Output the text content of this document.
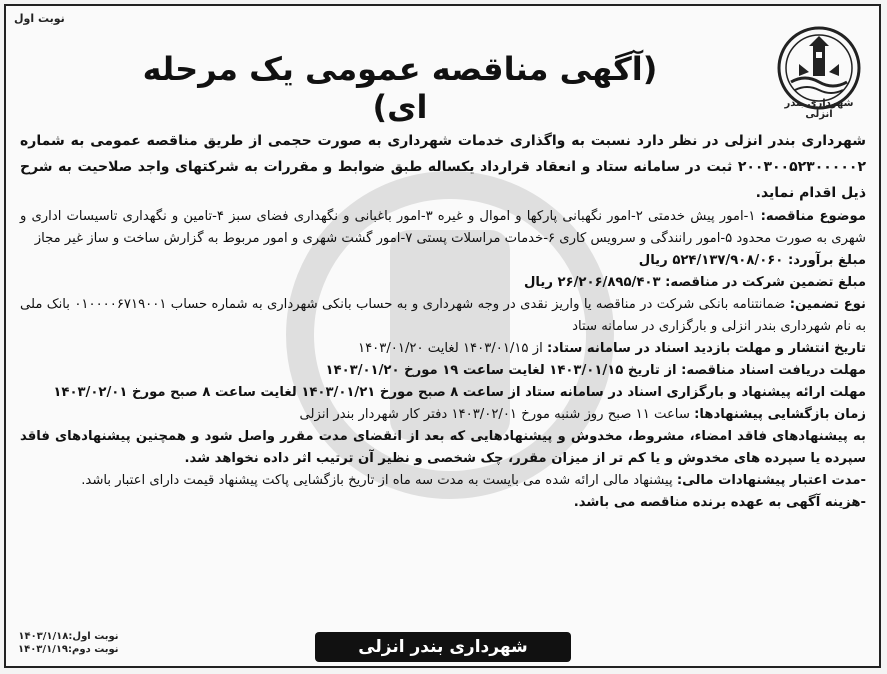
نوبت اول
شهرداری بندر انزلی
(آگهی مناقصه عمومی یک مرحله ای)

شهرداری بندر انزلی در نظر دارد نسبت به واگذاری خدمات شهرداری به صورت حجمی از طریق مناقصه عمومی به شماره ۲۰۰۳۰۰۵۲۳۰۰۰۰۰۲ ثبت در سامانه ستاد و انعقاد قرارداد یکساله طبق ضوابط و مقررات به شرکتهای واجد صلاحیت به شرح ذیل اقدام نماید.

موضوع مناقصه: ۱-امور پیش خدمتی ۲-امور نگهبانی پارکها و اموال و غیره ۳-امور باغبانی و نگهداری فضای سبز ۴-تامین و نگهداری تاسیسات اداری و شهری به صورت محدود ۵-امور رانندگی و سرویس کاری ۶-خدمات مراسلات پستی ۷-امور گشت شهری و امور مربوط به گزارش ساخت و ساز غیر مجاز

مبلغ برآورد: ۵۲۴/۱۳۷/۹۰۸/۰۶۰ ریال

مبلغ تضمین شرکت در مناقصه: ۲۶/۲۰۶/۸۹۵/۴۰۳ ریال

نوع تضمین: ضمانتنامه بانکی شرکت در مناقصه یا واریز نقدی در وجه شهرداری و به حساب بانکی شهرداری به شماره حساب ۰۱۰۰۰۰۶۷۱۹۰۰۱ بانک ملی به نام شهرداری بندر انزلی و بارگزاری در سامانه ستاد

تاریخ انتشار و مهلت بازدید اسناد در سامانه ستاد: از ۱۴۰۳/۰۱/۱۵ لغایت ۱۴۰۳/۰۱/۲۰

مهلت دریافت اسناد مناقصه: از تاریخ ۱۴۰۳/۰۱/۱۵ لغایت ساعت ۱۹ مورخ ۱۴۰۳/۰۱/۲۰

مهلت ارائه پیشنهاد و بارگزاری اسناد در سامانه ستاد از ساعت ۸ صبح مورخ ۱۴۰۳/۰۱/۲۱ لغایت ساعت ۸ صبح مورخ ۱۴۰۳/۰۲/۰۱

زمان بازگشایی پیشنهادها: ساعت ۱۱ صبح روز شنبه مورخ ۱۴۰۳/۰۲/۰۱ دفتر کار شهردار بندر انزلی

به پیشنهادهای فاقد امضاء، مشروط، مخدوش و پیشنهادهایی که بعد از انقضای مدت مقرر واصل شود و همچنین پیشنهادهای فاقد سپرده یا سپرده های مخدوش و یا کم تر از میزان مقرر، چک شخصی و نظیر آن ترتیب اثر داده نخواهد شد.

-مدت اعتبار پیشنهادات مالی: پیشنهاد مالی ارائه شده می بایست به مدت سه ماه از تاریخ بازگشایی پاکت پیشنهاد قیمت دارای اعتبار باشد.

-هزینه آگهی به عهده برنده مناقصه می باشد.

نوبت اول:۱۴۰۳/۱/۱۸
نوبت دوم:۱۴۰۳/۱/۱۹	شهرداری بندر انزلی
